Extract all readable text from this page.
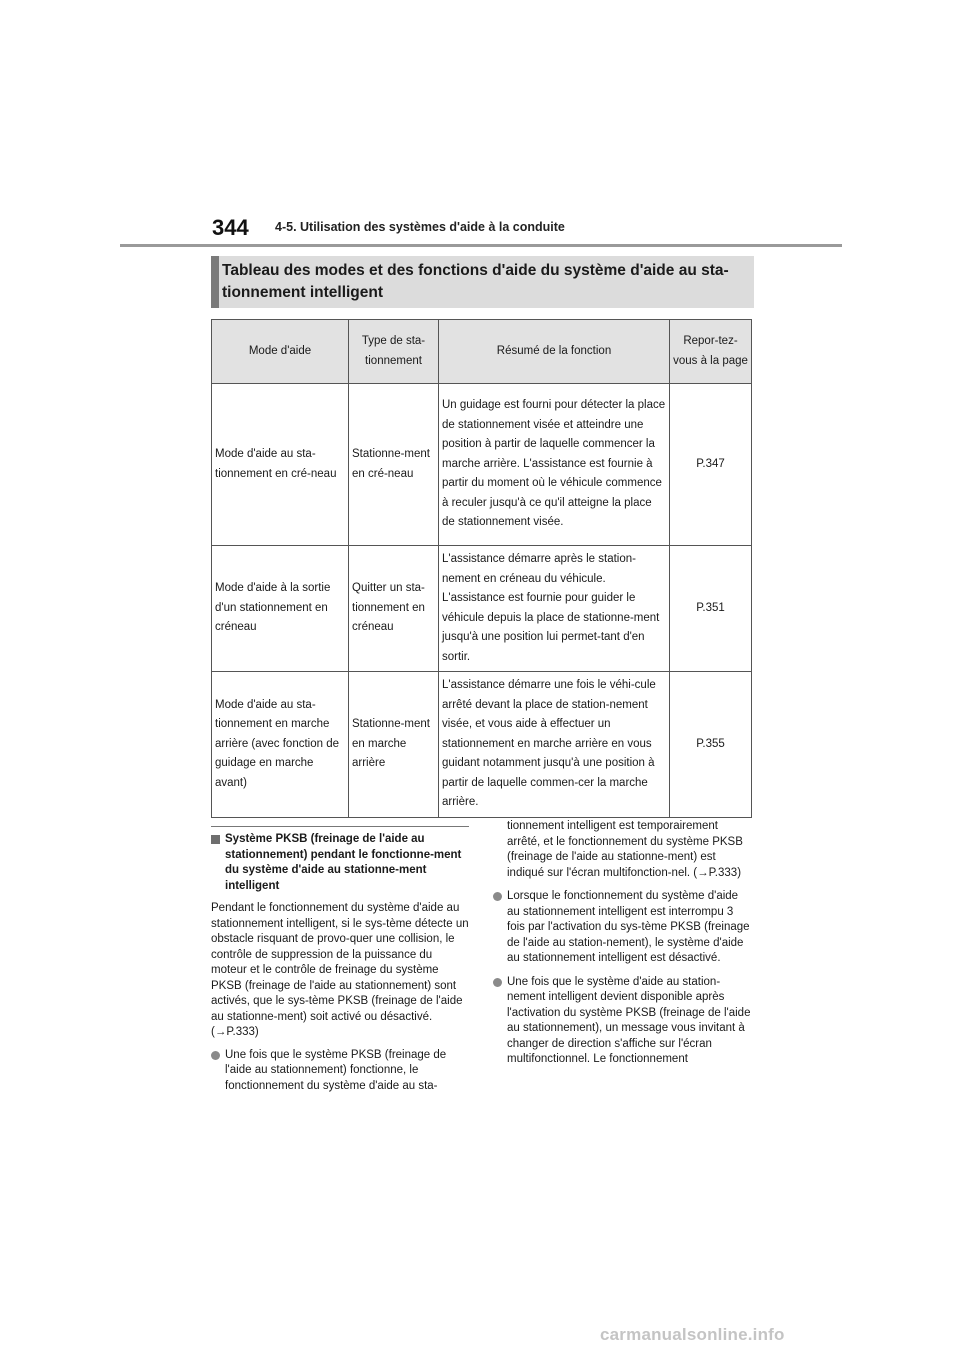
344 4-5. Utilisation des systèmes d'aide à la conduite
Tableau des modes et des fonctions d'aide du système d'aide au sta-tionnement intelligent
Mode d'aide	Type de sta-tionnement	Résumé de la fonction	Repor-tez-vous à la page
Mode d'aide au sta-tionnement en cré-neau	Stationne-ment en cré-neau	Un guidage est fourni pour détecter la place de stationnement visée et atteindre une position à partir de laquelle commencer la marche arrière. L'assistance est fournie à partir du moment où le véhicule commence à reculer jusqu'à ce qu'il atteigne la place de stationnement visée.	P.347
Mode d'aide à la sortie d'un stationnement en créneau	Quitter un sta-tionnement en créneau	L'assistance démarre après le station-nement en créneau du véhicule. L'assistance est fournie pour guider le véhicule depuis la place de stationne-ment jusqu'à une position lui permet-tant d'en sortir.	P.351
Mode d'aide au sta-tionnement en marche arrière (avec fonction de guidage en marche avant)	Stationne-ment en marche arrière	L'assistance démarre une fois le véhi-cule arrêté devant la place de station-nement visée, et vous aide à effectuer un stationnement en marche arrière en vous guidant notamment jusqu'à une position à partir de laquelle commen-cer la marche arrière.	P.355
Système PKSB (freinage de l'aide au stationnement) pendant le fonctionne-ment du système d'aide au stationne-ment intelligent

Pendant le fonctionnement du système d'aide au stationnement intelligent, si le sys-tème détecte un obstacle risquant de provo-quer une collision, le contrôle de suppression de la puissance du moteur et le contrôle de freinage du système PKSB (freinage de l'aide au stationnement) sont activés, que le sys-tème PKSB (freinage de l'aide au stationne-ment) soit activé ou désactivé. (→P.333)

Une fois que le système PKSB (freinage de l'aide au stationnement) fonctionne, le fonctionnement du système d'aide au sta-
tionnement intelligent est temporairement arrêté, et le fonctionnement du système PKSB (freinage de l'aide au stationne-ment) est indiqué sur l'écran multifonction-nel. (→P.333)
Lorsque le fonctionnement du système d'aide au stationnement intelligent est interrompu 3 fois par l'activation du sys-tème PKSB (freinage de l'aide au station-nement), le système d'aide au stationnement intelligent est désactivé.
Une fois que le système d'aide au station-nement intelligent devient disponible après l'activation du système PKSB (freinage de l'aide au stationnement), un message vous invitant à changer de direction s'affiche sur l'écran multifonctionnel. Le fonctionnement
carmanualsonline.info
